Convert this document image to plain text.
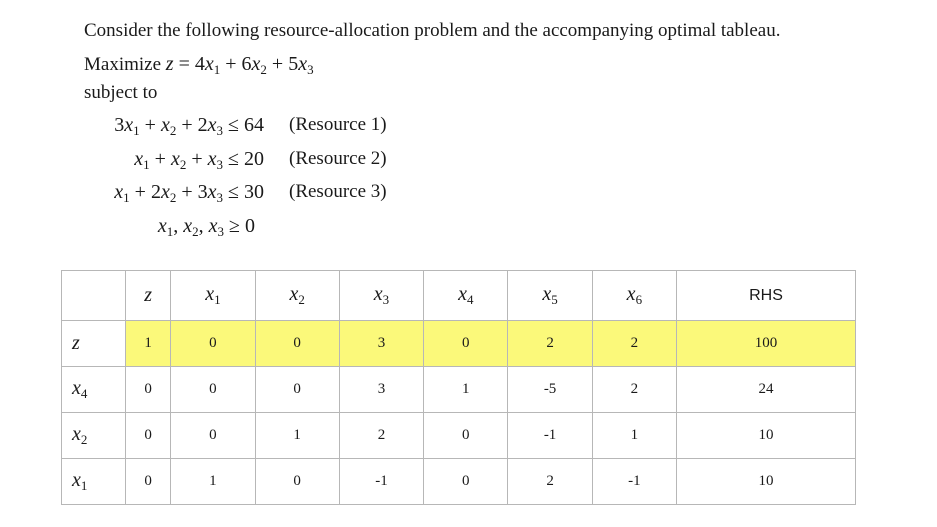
Consider the following resource-allocation problem and the accompanying optimal tableau.
Maximize $z = 4x_1 + 6x_2 + 5x_3$
subject to
$3x_1 + x_2 + 2x_3 \le 64$ (Resource 1)
$x_1 + x_2 + x_3 \le 20$ (Resource 2)
$x_1 + 2x_2 + 3x_3 \le 30$ (Resource 3)
$x_1$, $x_2$, $x_3 \ge 0$
	z	$x_1$	$x_2$	$x_3$	$x_4$	$x_5$	$x_6$	RHS
z	1	0	0	3	0	2	2	100
$x_4$	0	0	0	3	1	-5	2	24
$x_2$	0	0	1	2	0	-1	1	10
$x_1$	0	1	0	-1	0	2	-1	10
